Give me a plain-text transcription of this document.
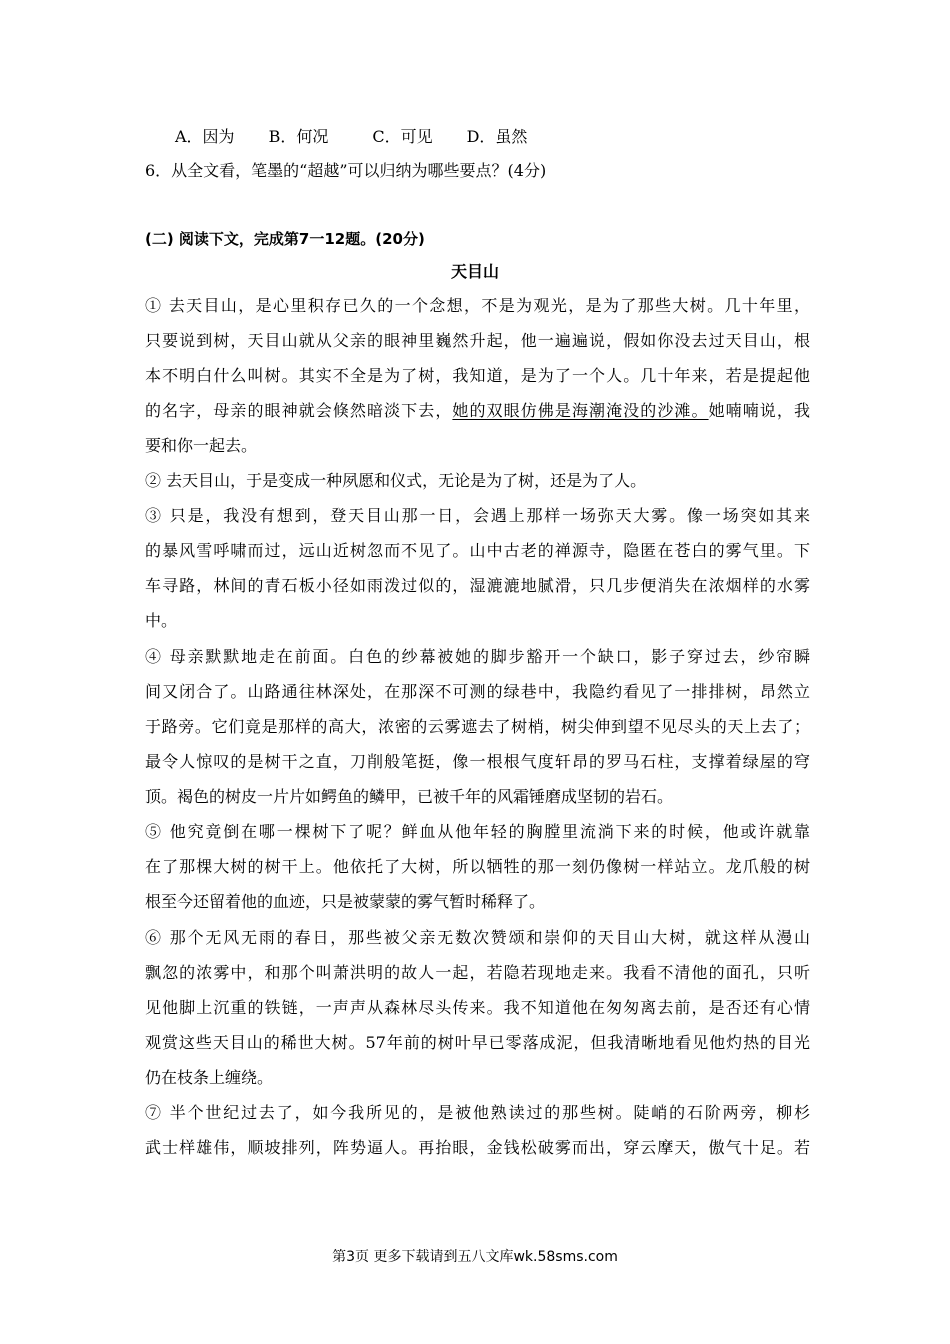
A．因为 B．何况	C．可见 D．虽然
6．从全文看，笔墨的“超越”可以归纳为哪些要点？(4分)
(二) 阅读下文，完成第7一12题。(20分)
天目山
① 去天目山，是心里积存已久的一个念想，不是为观光，是为了那些大树。几十年里，
只要说到树，天目山就从父亲的眼神里巍然升起，他一遍遍说，假如你没去过天目山，根
本不明白什么叫树。其实不全是为了树，我知道，是为了一个人。几十年来，若是提起他
的名字，母亲的眼神就会倏然暗淡下去，她的双眼仿佛是海潮淹没的沙滩。她喃喃说，我
要和你一起去。
② 去天目山，于是变成一种夙愿和仪式，无论是为了树，还是为了人。
③ 只是，我没有想到，登天目山那一日，会遇上那样一场弥天大雾。像一场突如其来
的暴风雪呼啸而过，远山近树忽而不见了。山中古老的禅源寺，隐匿在苍白的雾气里。下
车寻路，林间的青石板小径如雨泼过似的，湿漉漉地腻滑，只几步便消失在浓烟样的水雾
中。
④ 母亲默默地走在前面。白色的纱幕被她的脚步豁开一个缺口，影子穿过去，纱帘瞬
间又闭合了。山路通往林深处，在那深不可测的绿巷中，我隐约看见了一排排树，昂然立
于路旁。它们竟是那样的高大，浓密的云雾遮去了树梢，树尖伸到望不见尽头的天上去了；
最令人惊叹的是树干之直，刀削般笔挺，像一根根气度轩昂的罗马石柱，支撑着绿屋的穹
顶。褐色的树皮一片片如鳄鱼的鳞甲，已被千年的风霜锤磨成坚韧的岩石。
⑤ 他究竟倒在哪一棵树下了呢？鲜血从他年轻的胸膛里流淌下来的时候，他或许就靠
在了那棵大树的树干上。他依托了大树，所以牺牲的那一刻仍像树一样站立。龙爪般的树
根至今还留着他的血迹，只是被蒙蒙的雾气暂时稀释了。
⑥ 那个无风无雨的春日，那些被父亲无数次赞颂和崇仰的天目山大树，就这样从漫山
飘忽的浓雾中，和那个叫萧洪明的故人一起，若隐若现地走来。我看不清他的面孔，只听
见他脚上沉重的铁链，一声声从森林尽头传来。我不知道他在匆匆离去前，是否还有心情
观赏这些天目山的稀世大树。57年前的树叶早已零落成泥，但我清晰地看见他灼热的目光
仍在枝条上缠绕。
⑦ 半个世纪过去了，如今我所见的，是被他熟读过的那些树。陡峭的石阶两旁，柳杉
武士样雄伟，顺坡排列，阵势逼人。再抬眼，金钱松破雾而出，穿云摩天，傲气十足。若
第3页 更多下载请到五八文库wk.58sms.com
